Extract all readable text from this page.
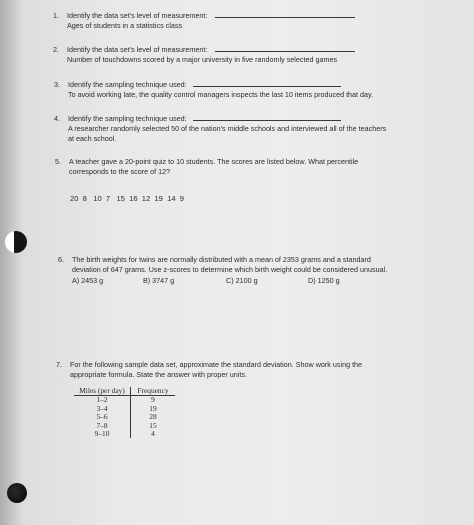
1. Identify the data set's level of measurement:
Ages of students in a statistics class
2. Identify the data set's level of measurement:
Number of touchdowns scored by a major university in five randomly selected games
3. Identify the sampling technique used:
To avoid working late, the quality control managers inspects the last 10 items produced that day.
4. Identify the sampling technique used:
A researcher randomly selected 50 of the nation's middle schools and interviewed all of the teachers
at each school.
5. A teacher gave a 20-point quiz to 10 students. The scores are listed below. What percentile
corresponds to the score of 12?
20  8   10  7   15  16  12  19  14  9
6. The birth weights for twins are normally distributed with a mean of 2353 grams and a standard
deviation of 647 grams. Use z-scores to determine which birth weight could be considered unusual.
A) 2453 g	B) 3747 g	C) 2100 g	D) 1250 g
7. For the following sample data set, approximate the standard deviation. Show work using the
appropriate formula. State the answer with proper units.
Miles (per day)	Frequency
1–2	9
3–4	19
5–6	28
7–8	15
9–10	4
